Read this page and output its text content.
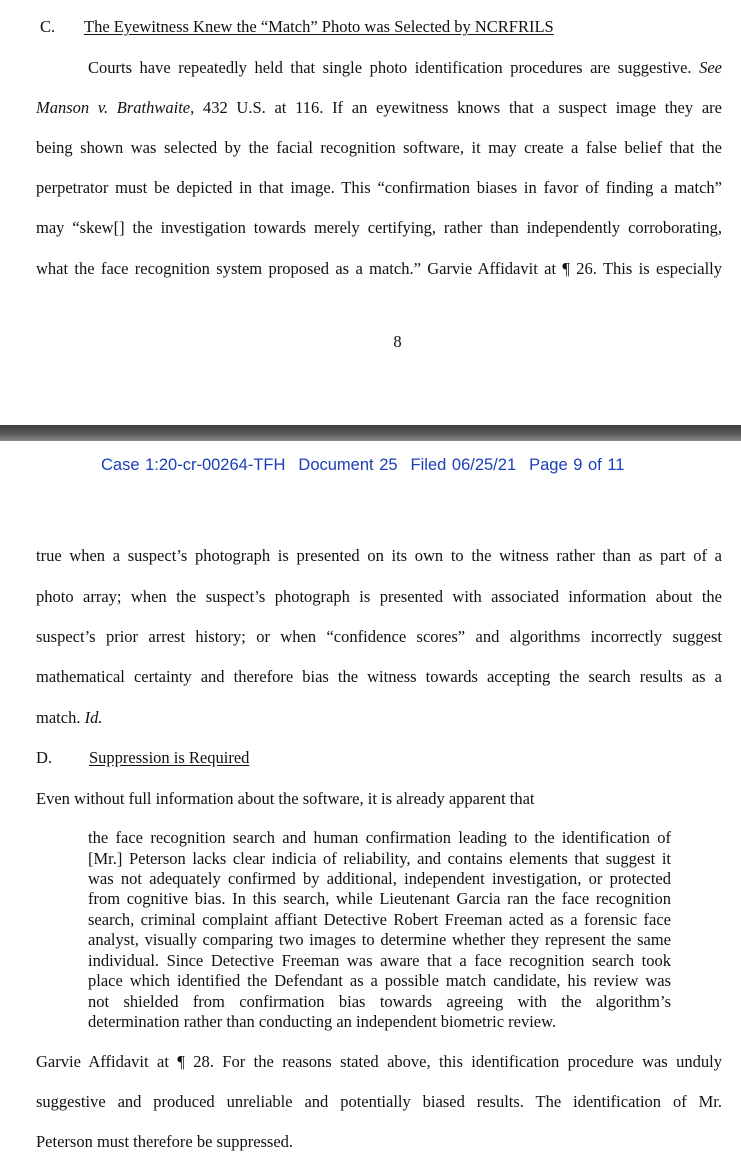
C. The Eyewitness Knew the “Match” Photo was Selected by NCRFRILS
Courts have repeatedly held that single photo identification procedures are suggestive. See
Manson v. Brathwaite, 432 U.S. at 116. If an eyewitness knows that a suspect image they are
being shown was selected by the facial recognition software, it may create a false belief that the
perpetrator must be depicted in that image. This “confirmation biases in favor of finding a match”
may “skew[] the investigation towards merely certifying, rather than independently corroborating,
what the face recognition system proposed as a match.” Garvie Affidavit at ¶ 26. This is especially
8
Case 1:20-cr-00264-TFH Document 25 Filed 06/25/21 Page 9 of 11
true when a suspect’s photograph is presented on its own to the witness rather than as part of a
photo array; when the suspect’s photograph is presented with associated information about the
suspect’s prior arrest history; or when “confidence scores” and algorithms incorrectly suggest
mathematical certainty and therefore bias the witness towards accepting the search results as a
match. Id.
D. Suppression is Required
Even without full information about the software, it is already apparent that
the face recognition search and human confirmation leading to the identification of
[Mr.] Peterson lacks clear indicia of reliability, and contains elements that suggest it
was not adequately confirmed by additional, independent investigation, or protected
from cognitive bias. In this search, while Lieutenant Garcia ran the face recognition
search, criminal complaint affiant Detective Robert Freeman acted as a forensic face
analyst, visually comparing two images to determine whether they represent the same
individual. Since Detective Freeman was aware that a face recognition search took
place which identified the Defendant as a possible match candidate, his review was
not shielded from confirmation bias towards agreeing with the algorithm’s
determination rather than conducting an independent biometric review.
Garvie Affidavit at ¶ 28. For the reasons stated above, this identification procedure was unduly
suggestive and produced unreliable and potentially biased results. The identification of Mr.
Peterson must therefore be suppressed.
